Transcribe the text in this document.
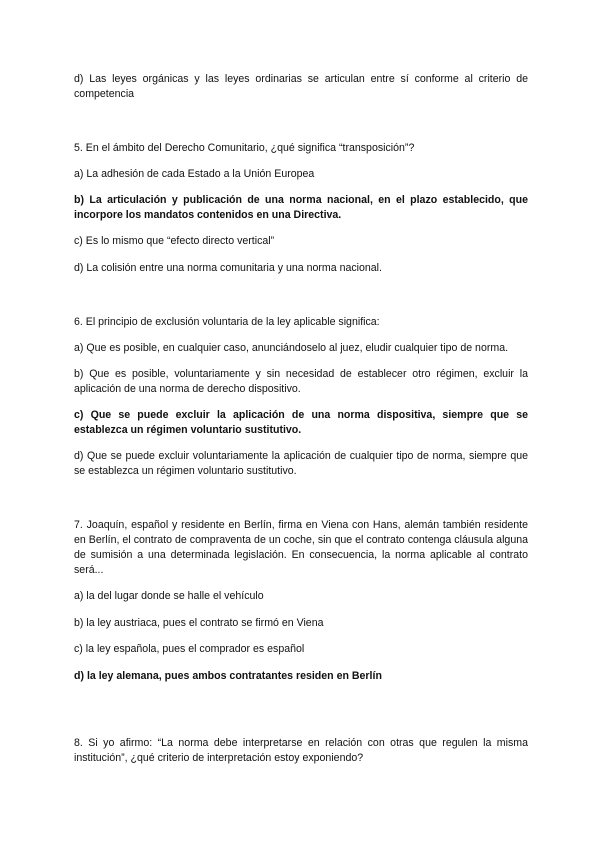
d) Las leyes orgánicas y las leyes ordinarias se articulan entre sí conforme al criterio de competencia

5. En el ámbito del Derecho Comunitario, ¿qué significa “transposición”?

a) La adhesión de cada Estado a la Unión Europea

b) La articulación y publicación de una norma nacional, en el plazo establecido, que incorpore los mandatos contenidos en una Directiva.

c) Es lo mismo que “efecto directo vertical”

d) La colisión entre una norma comunitaria y una norma nacional.

6. El principio de exclusión voluntaria de la ley aplicable significa:

a) Que es posible, en cualquier caso, anunciándoselo al juez, eludir cualquier tipo de norma.

b) Que es posible, voluntariamente y sin necesidad de establecer otro régimen, excluir la aplicación de una norma de derecho dispositivo.

c) Que se puede excluir la aplicación de una norma dispositiva, siempre que se establezca un régimen voluntario sustitutivo.

d) Que se puede excluir voluntariamente la aplicación de cualquier tipo de norma, siempre que se establezca un régimen voluntario sustitutivo.

7. Joaquín, español y residente en Berlín, firma en Viena con Hans, alemán también residente en Berlín, el contrato de compraventa de un coche, sin que el contrato contenga cláusula alguna de sumisión a una determinada legislación. En consecuencia, la norma aplicable al contrato será...

a) la del lugar donde se halle el vehículo

b) la ley austriaca, pues el contrato se firmó en Viena

c) la ley española, pues el comprador es español

d) la ley alemana, pues ambos contratantes residen en Berlín

8. Si yo afirmo: “La norma debe interpretarse en relación con otras que regulen la misma institución”, ¿qué criterio de interpretación estoy exponiendo?
